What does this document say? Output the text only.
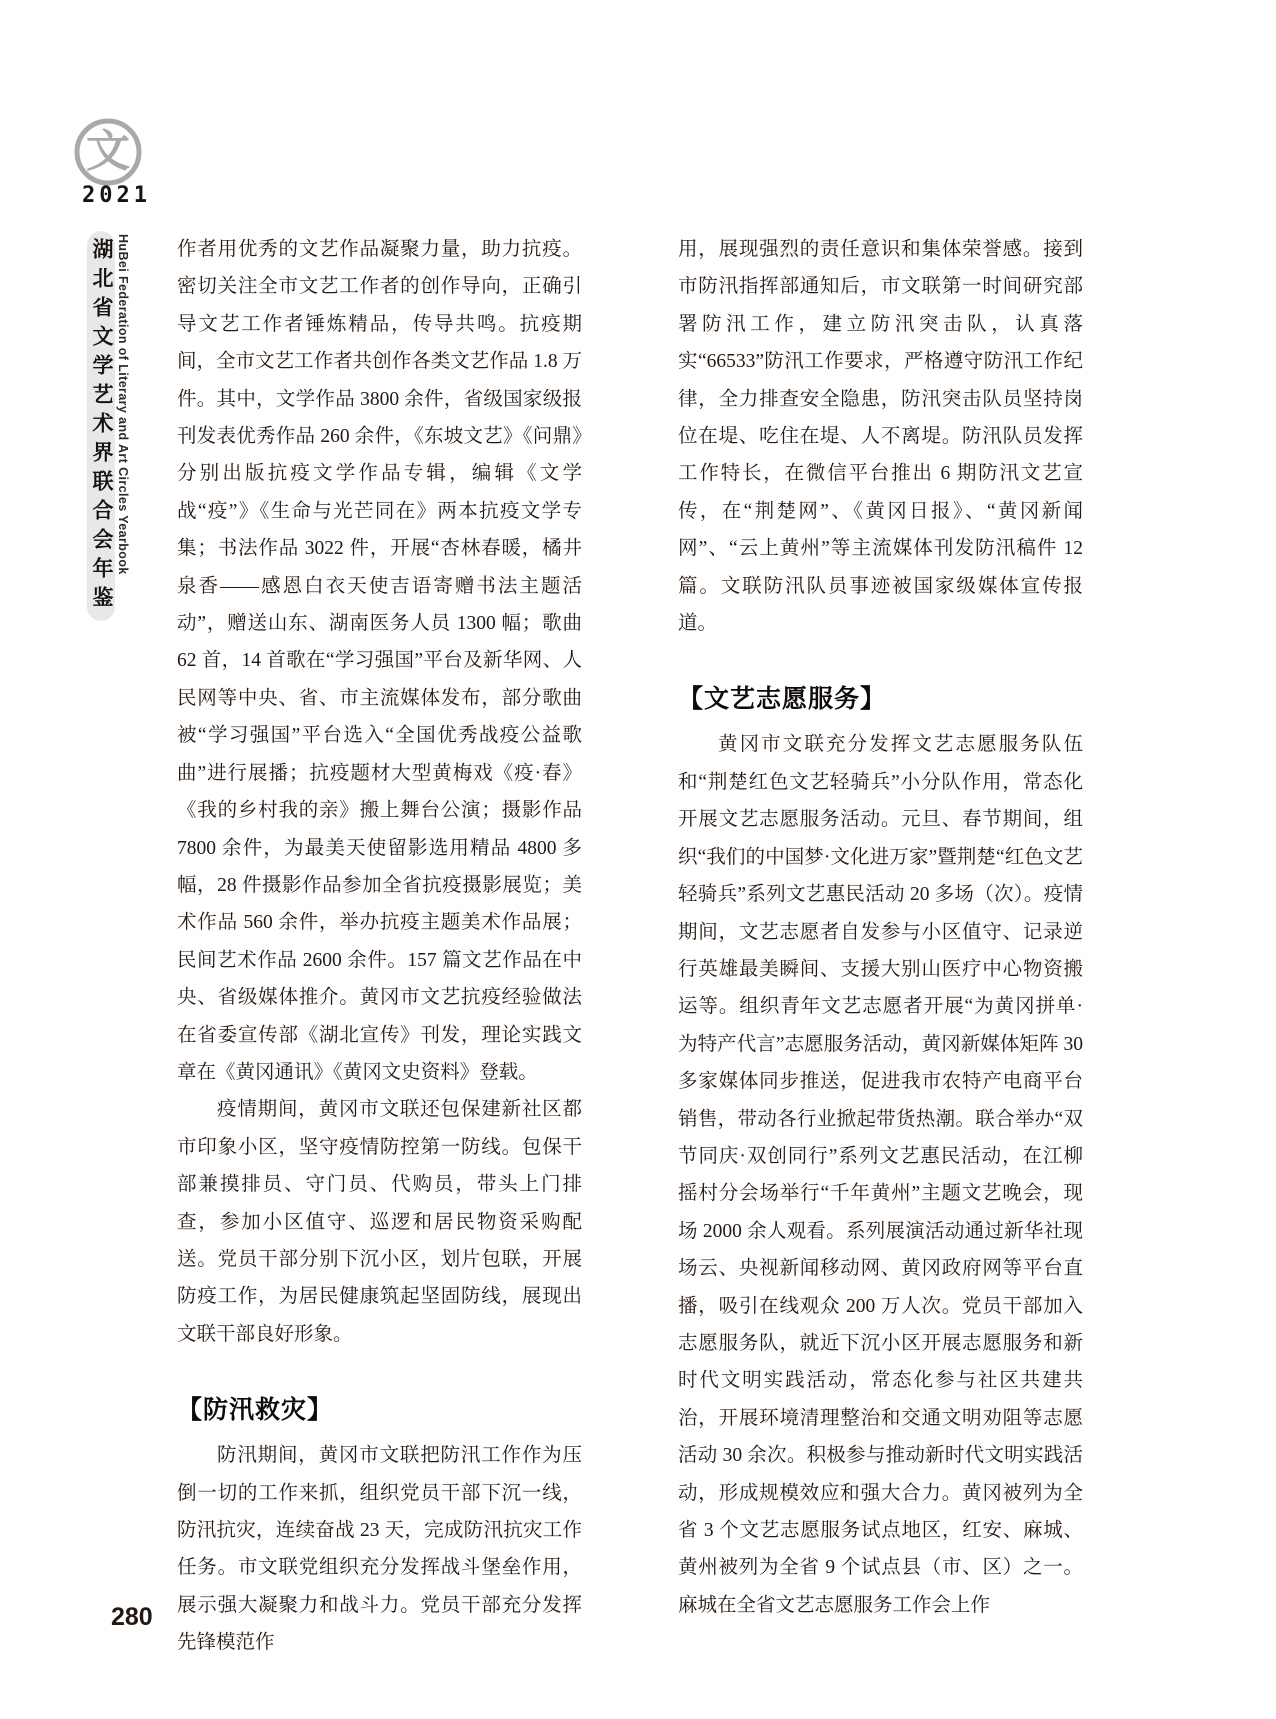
文
2021
湖北省文学艺术界联合会年鉴 HuBei Federation of Literary and Art Circles Yearbook 作者用优秀的文艺作品凝聚力量，助力抗疫。密切关注全市文艺工作者的创作导向，正确引导文艺工作者锤炼精品，传导共鸣。抗疫期间，全市文艺工作者共创作各类文艺作品 1.8 万件。其中，文学作品 3800 余件，省级国家级报刊发表优秀作品 260 余件，《东坡文艺》《问鼎》分别出版抗疫文学作品专辑，编辑《文学战“疫”》《生命与光芒同在》两本抗疫文学专集；书法作品 3022 件，开展“杏林春暖，橘井泉香——感恩白衣天使吉语寄赠书法主题活动”，赠送山东、湖南医务人员 1300 幅；歌曲 62 首，14 首歌在“学习强国”平台及新华网、人民网等中央、省、市主流媒体发布，部分歌曲被“学习强国”平台选入“全国优秀战疫公益歌曲”进行展播；抗疫题材大型黄梅戏《疫·春》《我的乡村我的亲》搬上舞台公演；摄影作品 7800 余件，为最美天使留影选用精品 4800 多幅，28 件摄影作品参加全省抗疫摄影展览；美术作品 560 余件，举办抗疫主题美术作品展；民间艺术作品 2600 余件。157 篇文艺作品在中央、省级媒体推介。黄冈市文艺抗疫经验做法在省委宣传部《湖北宣传》刊发，理论实践文章在《黄冈通讯》《黄冈文史资料》登载。
疫情期间，黄冈市文联还包保建新社区都市印象小区，坚守疫情防控第一防线。包保干部兼摸排员、守门员、代购员，带头上门排查，参加小区值守、巡逻和居民物资采购配送。党员干部分别下沉小区，划片包联，开展防疫工作，为居民健康筑起坚固防线，展现出文联干部良好形象。
【防汛救灾】
防汛期间，黄冈市文联把防汛工作作为压倒一切的工作来抓，组织党员干部下沉一线，防汛抗灾，连续奋战 23 天，完成防汛抗灾工作任务。市文联党组织充分发挥战斗堡垒作用，展示强大凝聚力和战斗力。党员干部充分发挥先锋模范作
用，展现强烈的责任意识和集体荣誉感。接到市防汛指挥部通知后，市文联第一时间研究部署防汛工作，建立防汛突击队，认真落实“66533”防汛工作要求，严格遵守防汛工作纪律，全力排查安全隐患，防汛突击队员坚持岗位在堤、吃住在堤、人不离堤。防汛队员发挥工作特长，在微信平台推出 6 期防汛文艺宣传，在“荆楚网”、《黄冈日报》、“黄冈新闻网”、“云上黄州”等主流媒体刊发防汛稿件 12 篇。文联防汛队员事迹被国家级媒体宣传报道。
【文艺志愿服务】
黄冈市文联充分发挥文艺志愿服务队伍和“荆楚红色文艺轻骑兵”小分队作用，常态化开展文艺志愿服务活动。元旦、春节期间，组织“我们的中国梦·文化进万家”暨荆楚“红色文艺轻骑兵”系列文艺惠民活动 20 多场（次）。疫情期间，文艺志愿者自发参与小区值守、记录逆行英雄最美瞬间、支援大别山医疗中心物资搬运等。组织青年文艺志愿者开展“为黄冈拼单·为特产代言”志愿服务活动，黄冈新媒体矩阵 30 多家媒体同步推送，促进我市农特产电商平台销售，带动各行业掀起带货热潮。联合举办“双节同庆·双创同行”系列文艺惠民活动，在江柳摇村分会场举行“千年黄州”主题文艺晚会，现场 2000 余人观看。系列展演活动通过新华社现场云、央视新闻移动网、黄冈政府网等平台直播，吸引在线观众 200 万人次。党员干部加入志愿服务队，就近下沉小区开展志愿服务和新时代文明实践活动，常态化参与社区共建共治，开展环境清理整治和交通文明劝阻等志愿活动 30 余次。积极参与推动新时代文明实践活动，形成规模效应和强大合力。黄冈被列为全省 3 个文艺志愿服务试点地区，红安、麻城、黄州被列为全省 9 个试点县（市、区）之一。麻城在全省文艺志愿服务工作会上作
280
